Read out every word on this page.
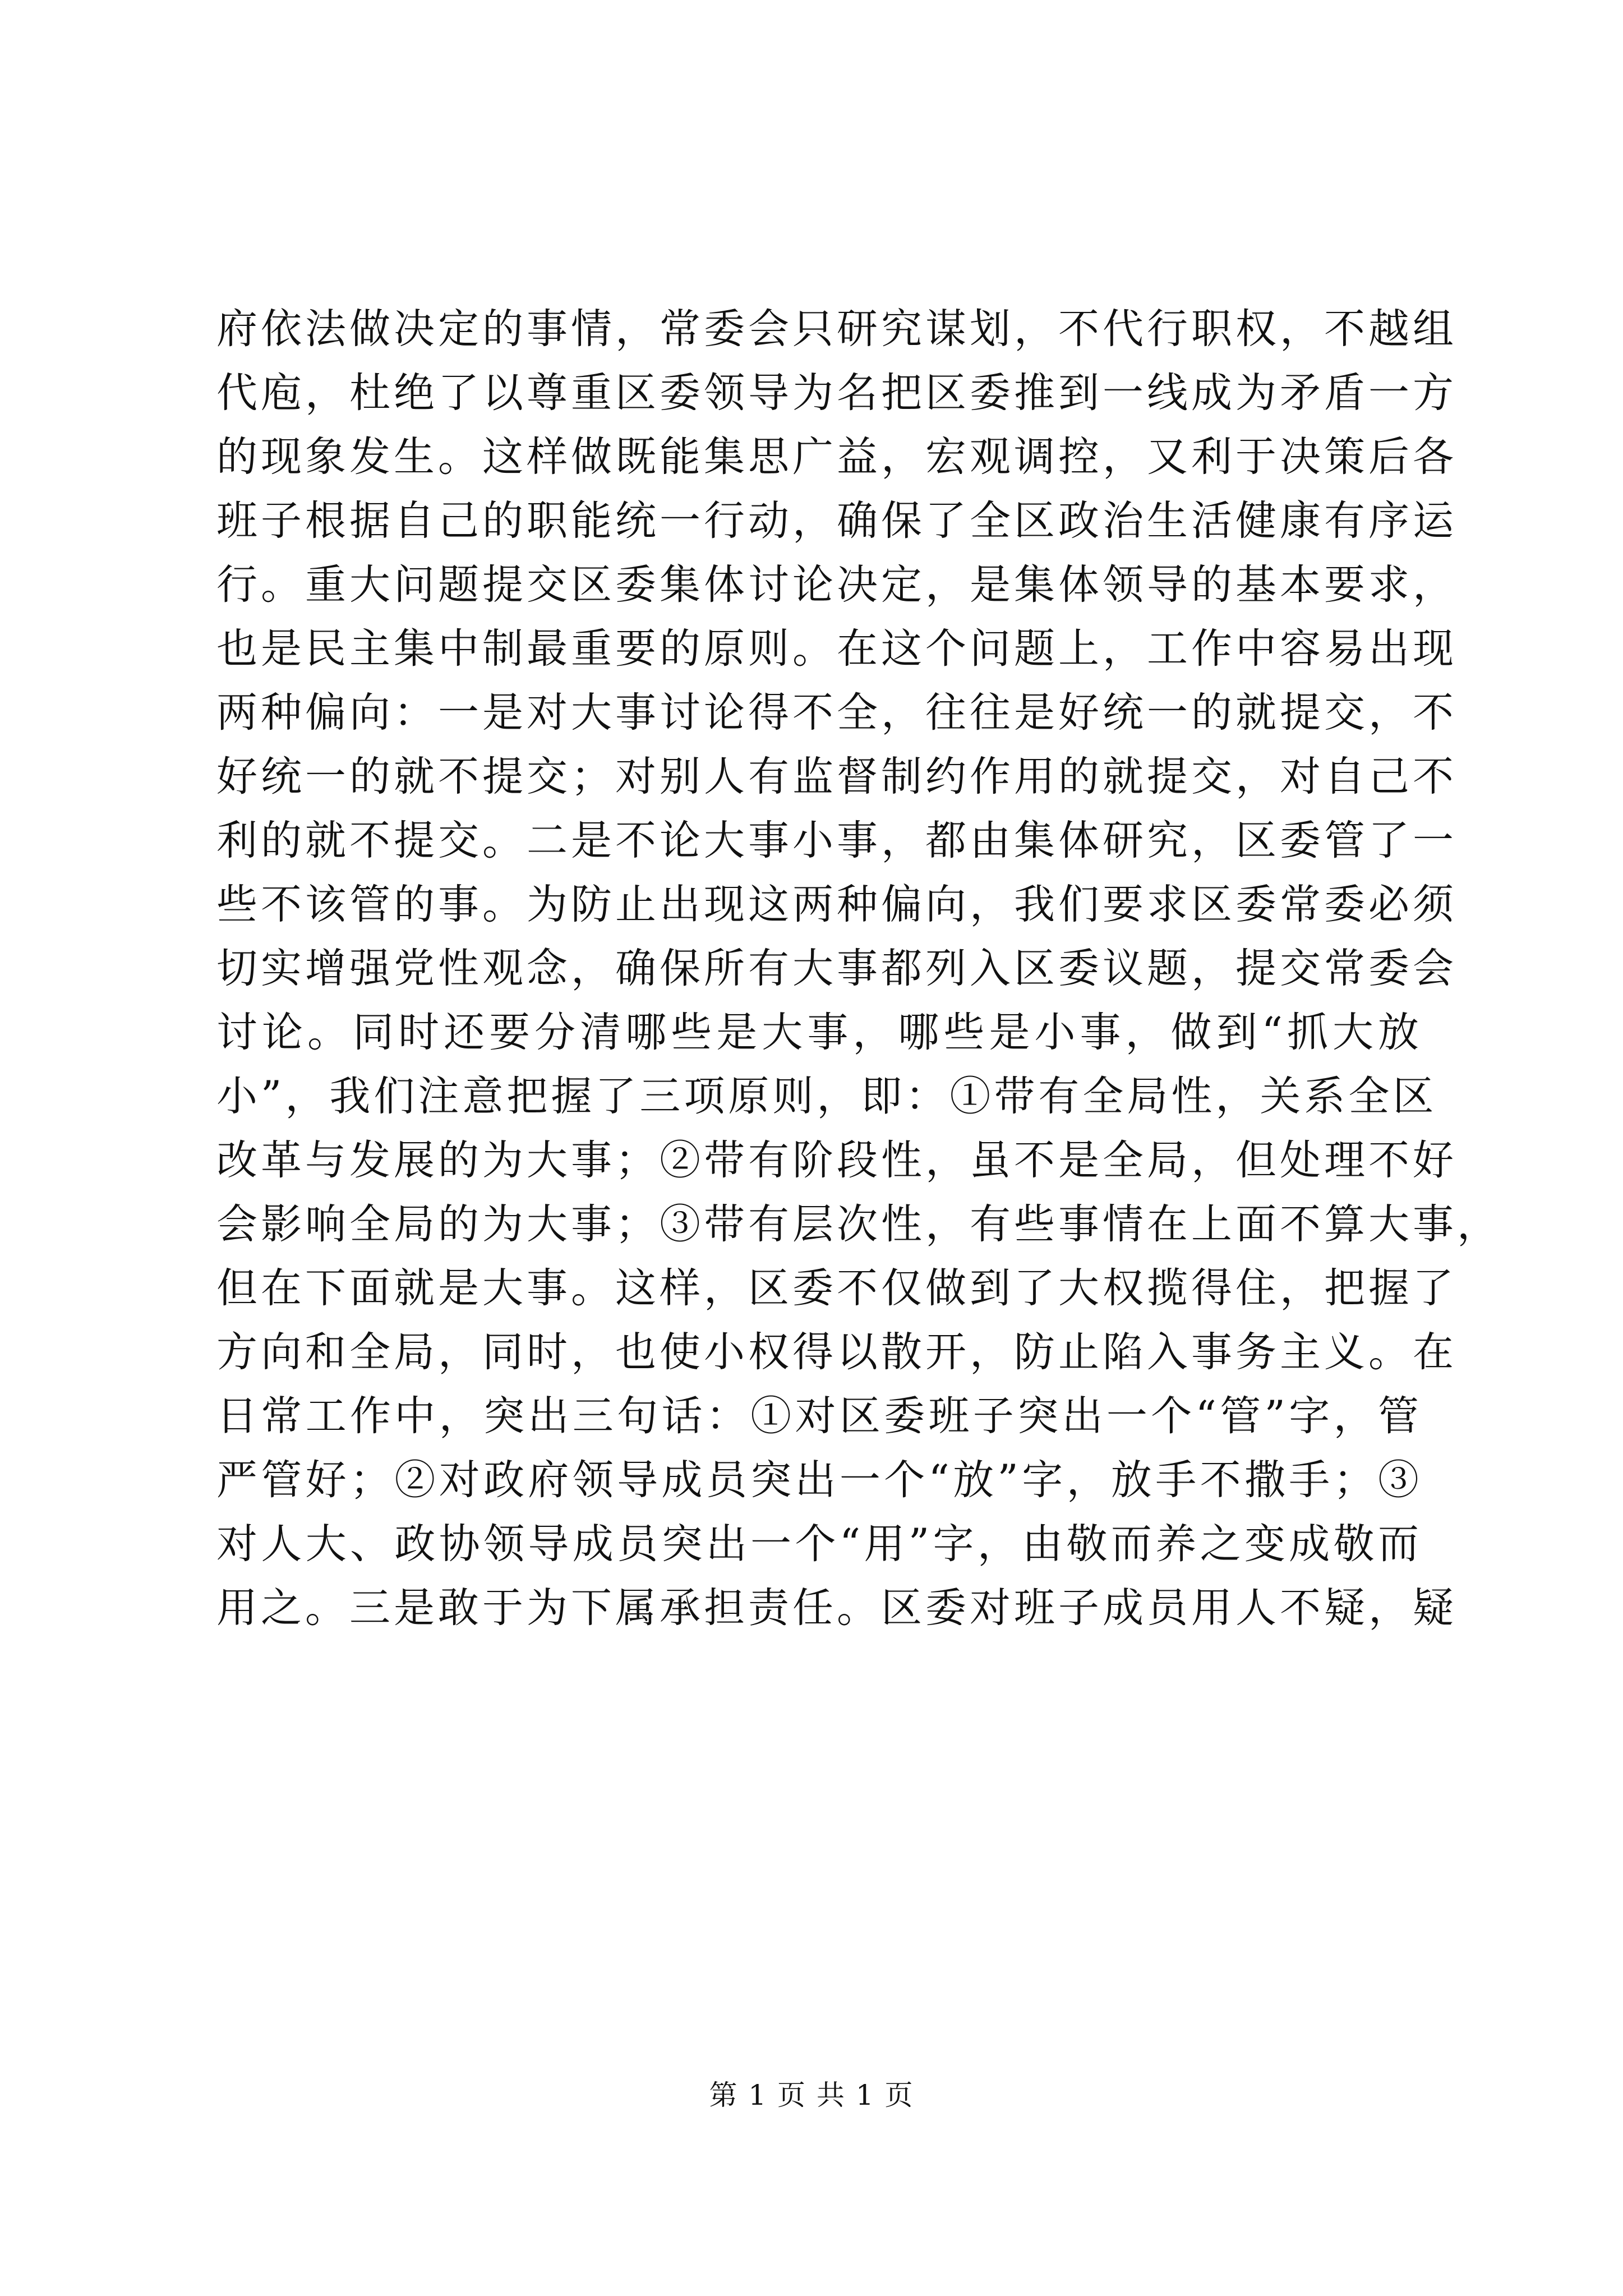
府依法做决定的事情，常委会只研究谋划，不代行职权，不越组
代庖，杜绝了以尊重区委领导为名把区委推到一线成为矛盾一方
的现象发生。这样做既能集思广益，宏观调控，又利于决策后各
班子根据自己的职能统一行动，确保了全区政治生活健康有序运
行。重大问题提交区委集体讨论决定，是集体领导的基本要求，
也是民主集中制最重要的原则。在这个问题上，工作中容易出现
两种偏向：一是对大事讨论得不全，往往是好统一的就提交，不
好统一的就不提交；对别人有监督制约作用的就提交，对自己不
利的就不提交。二是不论大事小事，都由集体研究，区委管了一
些不该管的事。为防止出现这两种偏向，我们要求区委常委必须
切实增强党性观念，确保所有大事都列入区委议题，提交常委会
讨论。同时还要分清哪些是大事，哪些是小事，做到“抓大放
小”，我们注意把握了三项原则，即：①带有全局性，关系全区
改革与发展的为大事；②带有阶段性，虽不是全局，但处理不好
会影响全局的为大事；③带有层次性，有些事情在上面不算大事，
但在下面就是大事。这样，区委不仅做到了大权揽得住，把握了
方向和全局，同时，也使小权得以散开，防止陷入事务主义。在
日常工作中，突出三句话：①对区委班子突出一个“管”字，管
严管好；②对政府领导成员突出一个“放”字，放手不撒手；③
对人大、政协领导成员突出一个“用”字，由敬而养之变成敬而
用之。三是敢于为下属承担责任。区委对班子成员用人不疑，疑
第 1 页 共 1 页
